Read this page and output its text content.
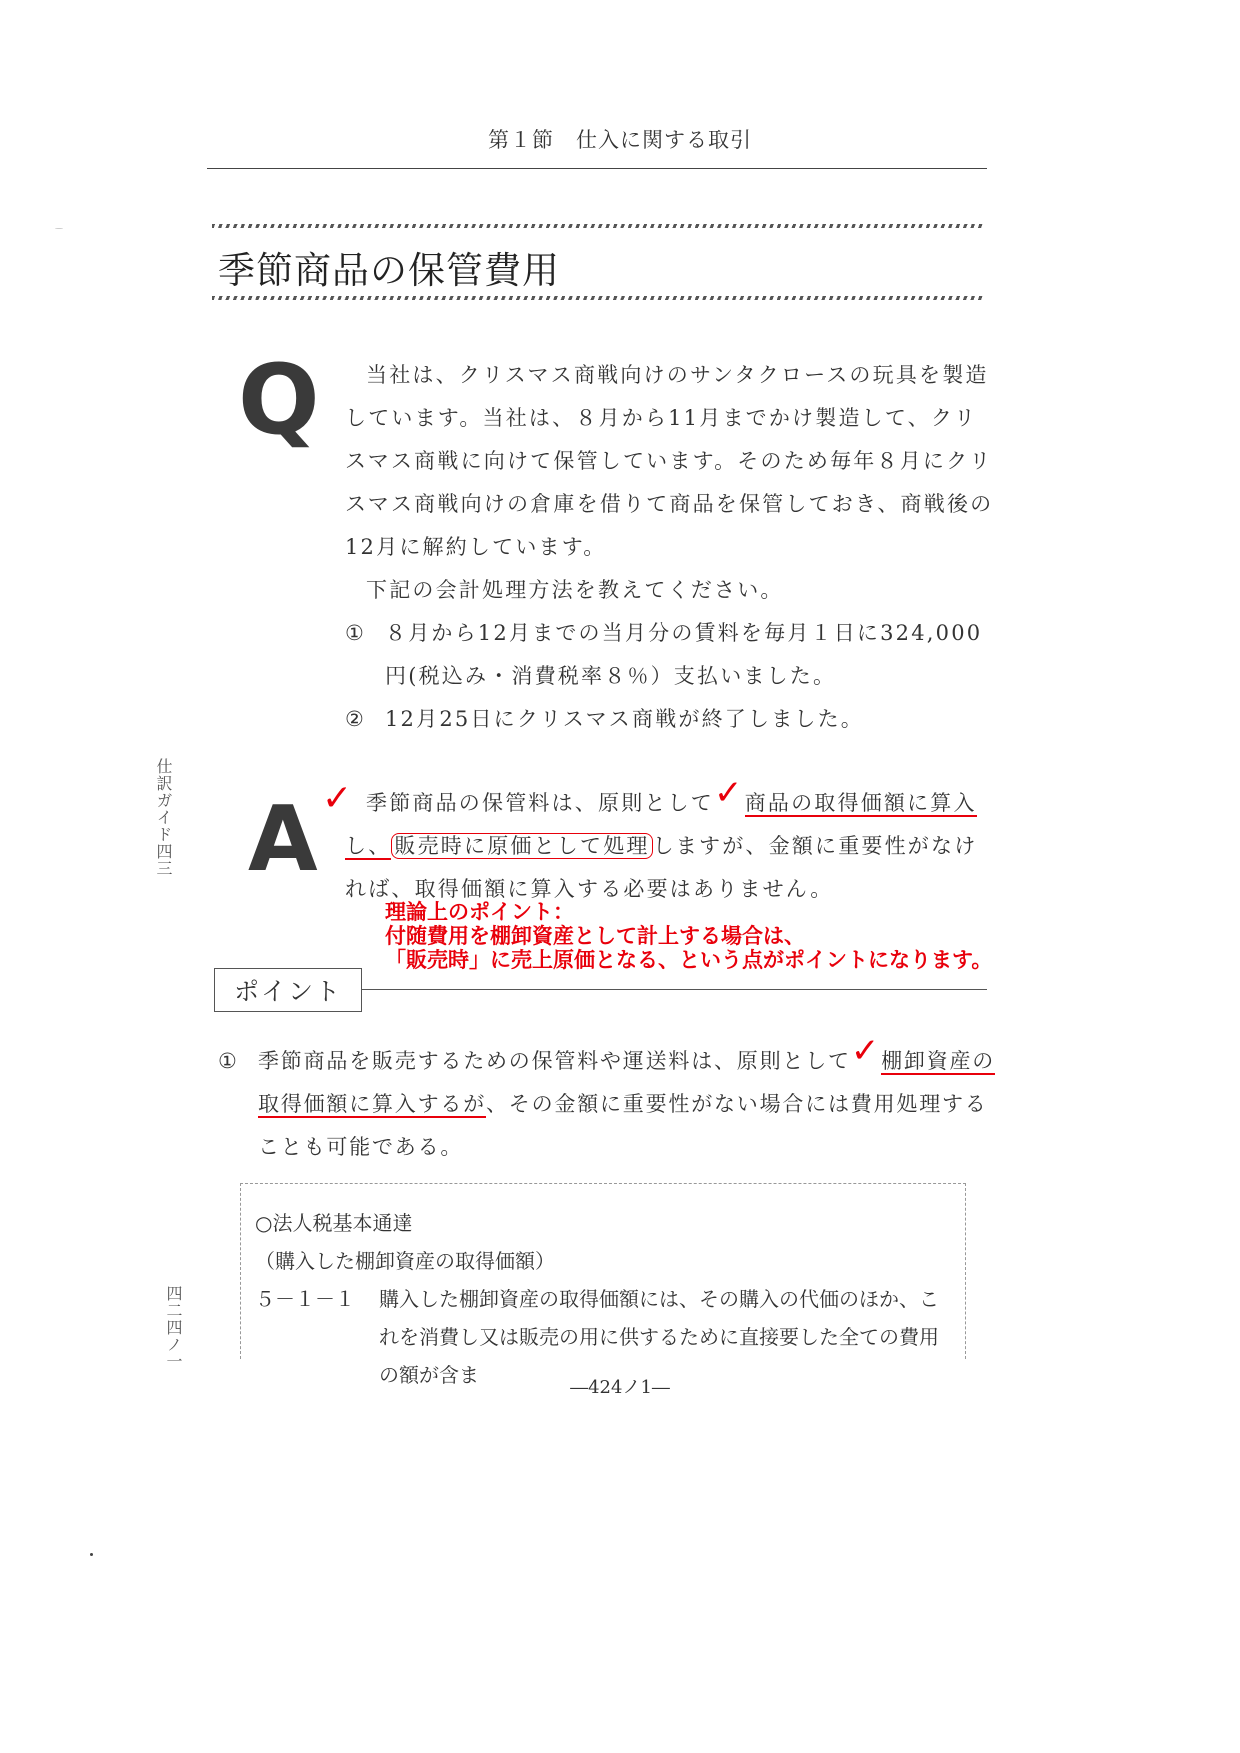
第１節　仕入に関する取引
季節商品の保管費用
Q	当社は、クリスマス商戦向けのサンタクロースの玩具を製造しています。当社は、８月から11月までかけ製造して、クリスマス商戦に向けて保管しています。そのため毎年８月にクリスマス商戦向けの倉庫を借りて商品を保管しておき、商戦後の12月に解約しています。

下記の会計処理方法を教えてください。

① ８月から12月までの当月分の賃料を毎月１日に324,000円(税込み・消費税率８％）支払いました。
② 12月25日にクリスマス商戦が終了しました。
✓
A	季節商品の保管料は、原則として✓商品の取得価額に算入し、 販売時に原価として処理 しますが、金額に重要性がなければ、取得価額に算入する必要はありません。

理論上のポイント：
付随費用を棚卸資産として計上する場合は、
「販売時」に売上原価となる、という点がポイントになります。
ポイント
① 季節商品を販売するための保管料や運送料は、原則として✓棚卸資産の取得価額に算入するが、その金額に重要性がない場合には費用処理することも可能である。

○法人税基本通達

（購入した棚卸資産の取得価額）

５－１－１	購入した棚卸資産の取得価額には、その購入の代価のほか、これを消費し又は販売の用に供するために直接要した全ての費用の額が含ま
仕訳ガイド四三
四二四ノ一
―424ノ1―
